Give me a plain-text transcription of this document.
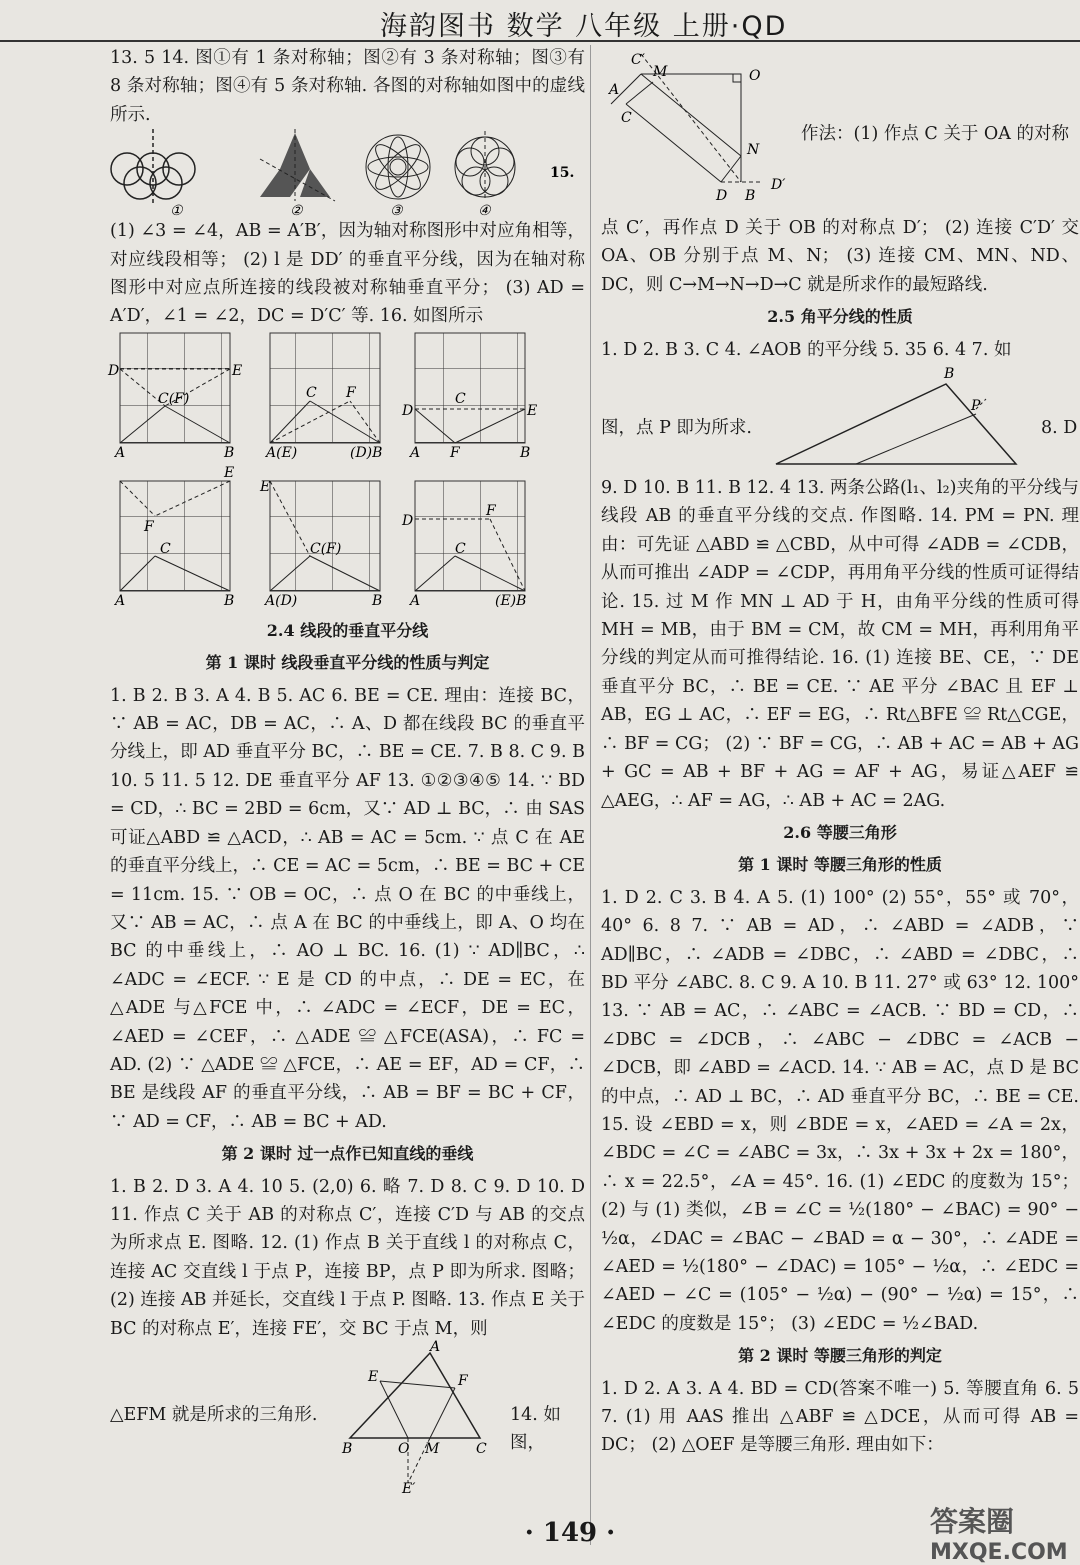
海韵图书 数学 八年级 上册·QD

13. 5 14. 图①有 1 条对称轴；图②有 3 条对称轴；图③有 8 条对称轴；图④有 5 条对称轴. 各图的对称轴如图中的虚线所示.

①	②	③	④
15.

(1) ∠3 = ∠4，AB = A′B′，因为轴对称图形中对应角相等，对应线段相等； (2) l 是 DD′ 的垂直平分线，因为在轴对称图形中对应点所连接的线段被对称轴垂直平分； (3) AD = A′D′，∠1 = ∠2，DC = D′C′ 等. 16. 如图所示

D	E
C(F)
A	B
C F
A(E)	(D)B
D
C
E
A F	B
E
F
C
A	B
E
C(F)
A(D)	B
D
F
C
A	(E)B
2.4 线段的垂直平分线
第 1 课时 线段垂直平分线的性质与判定

1. B 2. B 3. A 4. B 5. AC 6. BE = CE. 理由：连接 BC，∵ AB = AC，DB = AC，∴ A、D 都在线段 BC 的垂直平分线上，即 AD 垂直平分 BC，∴ BE = CE. 7. B 8. C 9. B 10. 5 11. 5 12. DE 垂直平分 AF 13. ①②③④⑤ 14. ∵ BD = CD，∴ BC = 2BD = 6cm，又∵ AD ⊥ BC，∴ 由 SAS 可证△ABD ≌ △ACD，∴ AB = AC = 5cm. ∵ 点 C 在 AE 的垂直平分线上，∴ CE = AC = 5cm，∴ BE = BC + CE = 11cm. 15. ∵ OB = OC，∴ 点 O 在 BC 的中垂线上，又∵ AB = AC，∴ 点 A 在 BC 的中垂线上，即 A、O 均在 BC 的中垂线上，∴ AO ⊥ BC. 16. (1) ∵ AD∥BC，∴ ∠ADC = ∠ECF. ∵ E 是 CD 的中点，∴ DE = EC，在△ADE 与△FCE 中，∴ ∠ADC = ∠ECF，DE = EC，∠AED = ∠CEF，∴ △ADE ≌ △FCE(ASA)，∴ FC = AD. (2) ∵ △ADE ≌ △FCE，∴ AE = EF，AD = CF，∴ BE 是线段 AF 的垂直平分线，∴ AB = BF = BC + CF，∵ AD = CF，∴ AB = BC + AD.

第 2 课时 过一点作已知直线的垂线

1. B 2. D 3. A 4. 10 5. (2,0) 6. 略 7. D 8. C 9. D 10. D 11. 作点 C 关于 AB 的对称点 C′，连接 C′D 与 AB 的交点为所求点 E. 图略. 12. (1) 作点 B 关于直线 l 的对称点 C，连接 AC 交直线 l 于点 P，连接 BP，点 P 即为所求. 图略； (2) 连接 AB 并延长，交直线 l 于点 P. 图略. 13. 作点 E 关于 BC 的对称点 E′，连接 FE′，交 BC 于点 M，则

△EFM 就是所求的三角形.	14. 如图，
A
E	F
B	O M	C
E′
C′
M	O
A
C
N
D B
D′
作法：(1) 作点 C 关于 OA 的对称

点 C′，再作点 D 关于 OB 的对称点 D′； (2) 连接 C′D′ 交 OA、OB 分别于点 M、N； (3) 连接 CM、MN、ND、DC，则 C→M→N→D→C 就是所求作的最短路线.

2.5 角平分线的性质

1. D 2. B 3. C 4. ∠AOB 的平分线 5. 35 6. 4 7. 如

图，点 P 即为所求.	8. D
B
P

9. D 10. B 11. B 12. 4 13. 两条公路(l₁、l₂)夹角的平分线与线段 AB 的垂直平分线的交点. 作图略. 14. PM = PN. 理由：可先证 △ABD ≌ △CBD，从中可得 ∠ADB = ∠CDB，从而可推出 ∠ADP = ∠CDP，再用角平分线的性质可证得结论. 15. 过 M 作 MN ⊥ AD 于 H，由角平分线的性质可得 MH = MB，由于 BM = CM，故 CM = MH，再利用角平分线的判定从而可推得结论. 16. (1) 连接 BE、CE，∵ DE 垂直平分 BC，∴ BE = CE. ∵ AE 平分 ∠BAC 且 EF ⊥ AB，EG ⊥ AC，∴ EF = EG，∴ Rt△BFE ≌ Rt△CGE，∴ BF = CG； (2) ∵ BF = CG，∴ AB + AC = AB + AG + GC = AB + BF + AG = AF + AG，易证△AEF ≌ △AEG，∴ AF = AG，∴ AB + AC = 2AG.

2.6 等腰三角形
第 1 课时 等腰三角形的性质

1. D 2. C 3. B 4. A 5. (1) 100° (2) 55°，55° 或 70°，40° 6. 8 7. ∵ AB = AD，∴ ∠ABD = ∠ADB，∵ AD∥BC，∴ ∠ADB = ∠DBC，∴ ∠ABD = ∠DBC，∴ BD 平分 ∠ABC. 8. C 9. A 10. B 11. 27° 或 63° 12. 100° 13. ∵ AB = AC，∴ ∠ABC = ∠ACB. ∵ BD = CD，∴ ∠DBC = ∠DCB，∴ ∠ABC − ∠DBC = ∠ACB − ∠DCB，即 ∠ABD = ∠ACD. 14. ∵ AB = AC，点 D 是 BC 的中点，∴ AD ⊥ BC，∴ AD 垂直平分 BC，∴ BE = CE. 15. 设 ∠EBD = x，则 ∠BDE = x，∠AED = ∠A = 2x，∠BDC = ∠C = ∠ABC = 3x，∴ 3x + 3x + 2x = 180°，∴ x = 22.5°，∠A = 45°. 16. (1) ∠EDC 的度数为 15°； (2) 与 (1) 类似，∠B = ∠C = ½(180° − ∠BAC) = 90° − ½α，∠DAC = ∠BAC − ∠BAD = α − 30°，∴ ∠ADE = ∠AED = ½(180° − ∠DAC) = 105° − ½α，∴ ∠EDC = ∠AED − ∠C = (105° − ½α) − (90° − ½α) = 15°，∴ ∠EDC 的度数是 15°； (3) ∠EDC = ½∠BAD.

第 2 课时 等腰三角形的判定

1. D 2. A 3. A 4. BD = CD(答案不唯一) 5. 等腰直角 6. 5 7. (1) 用 AAS 推出 △ABF ≌ △DCE，从而可得 AB = DC； (2) △OEF 是等腰三角形. 理由如下：

· 149 ·	答案圈
MXQE.COM
